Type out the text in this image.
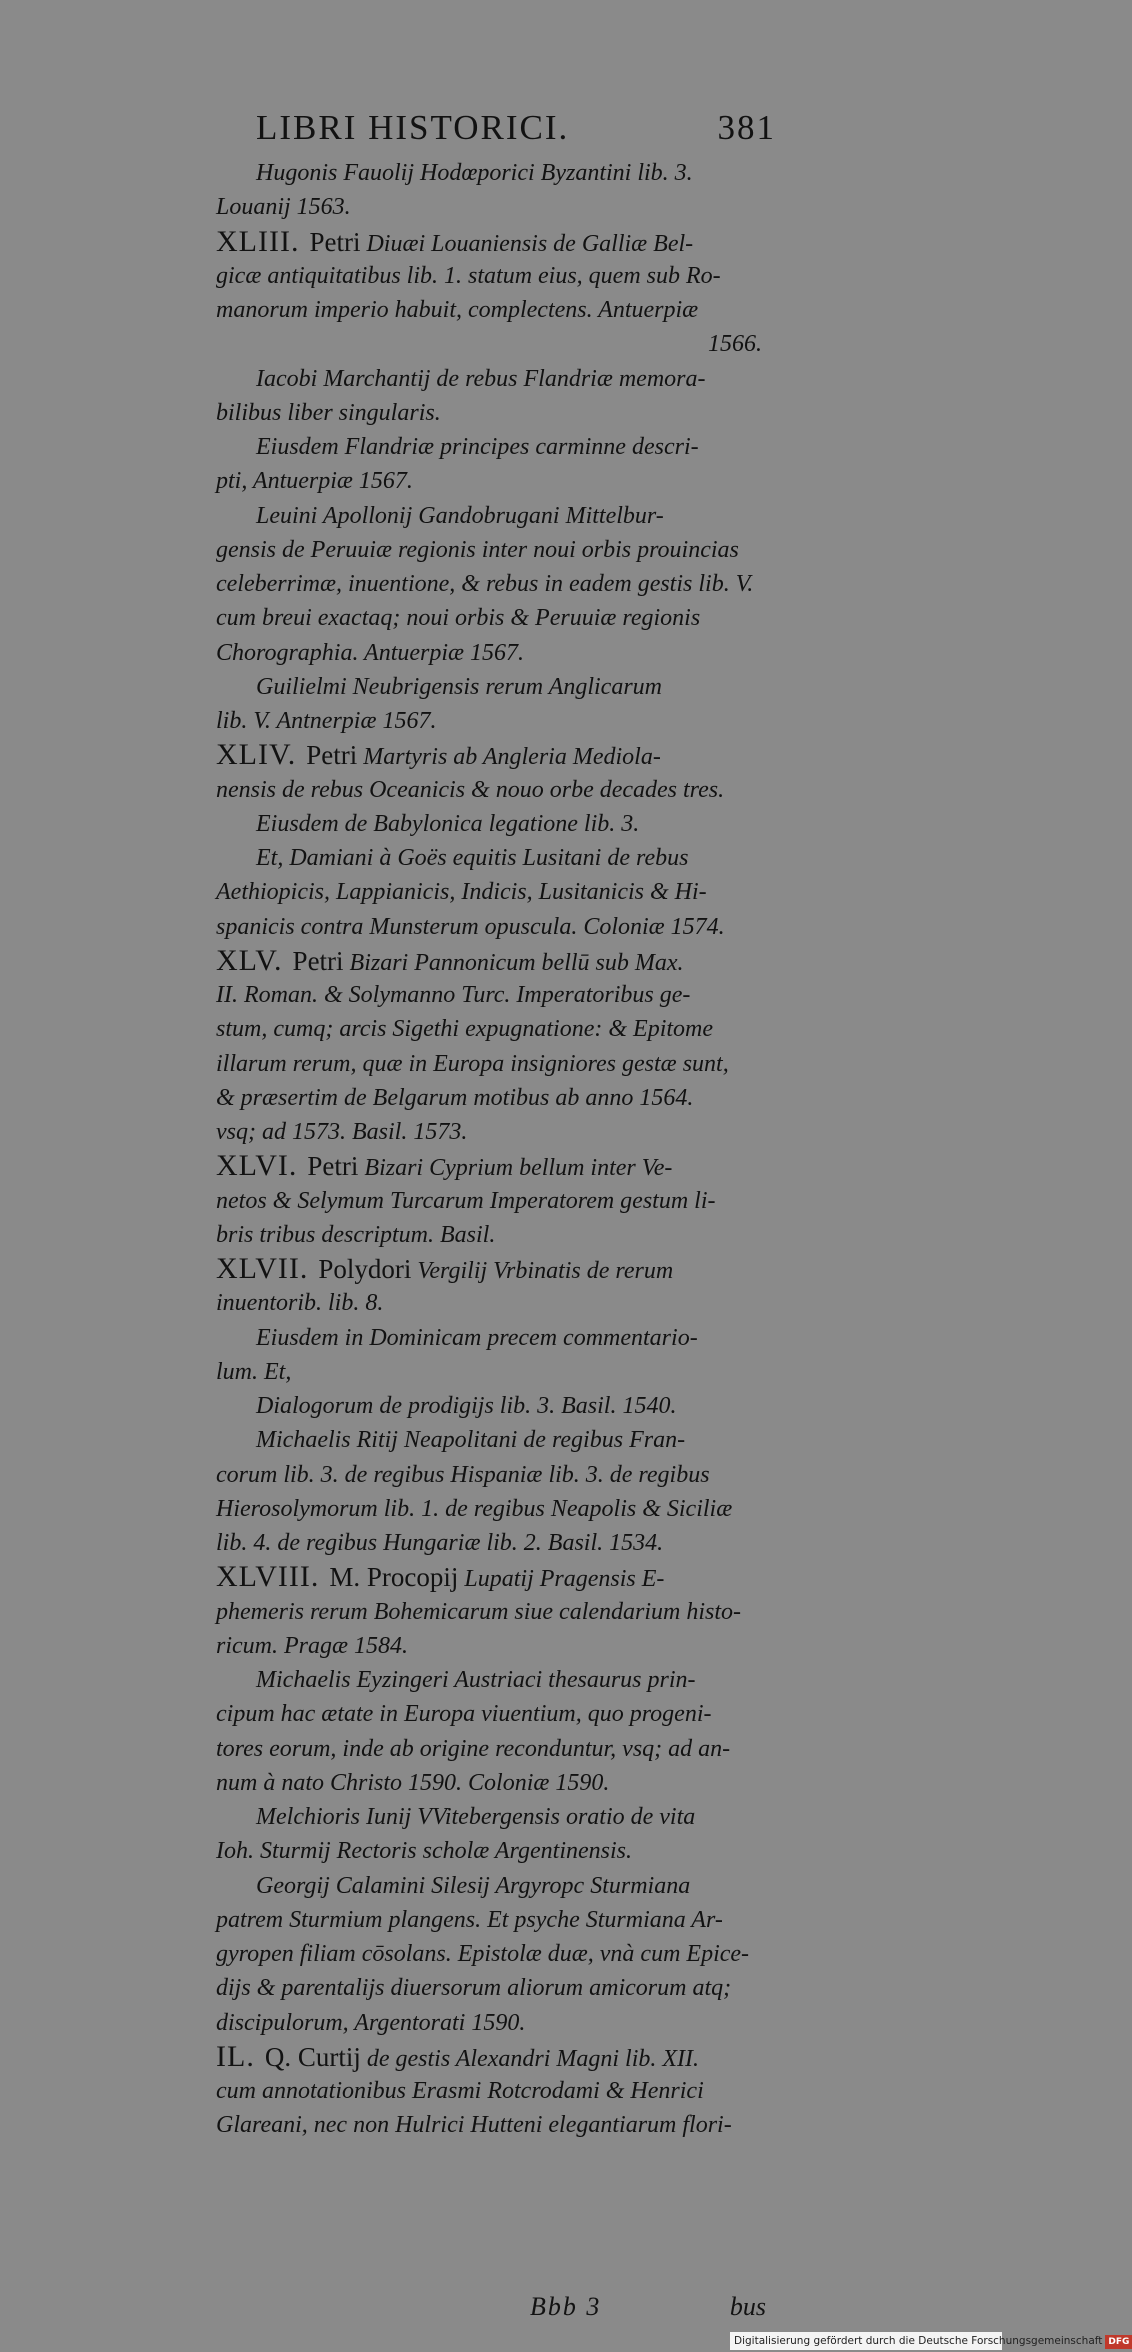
LIBRI HISTORICI.	381
Hugonis Fauolij Hodœporici Byzantini lib. 3.
Louanij 1563.
XLIII. Petri Diuæi Louaniensis de Galliæ Bel-
gicæ antiquitatibus lib. 1. statum eius, quem sub Ro-
manorum imperio habuit, complectens. Antuerpiæ
1566.
Iacobi Marchantij de rebus Flandriæ memora-
bilibus liber singularis.
Eiusdem Flandriæ principes carminne descri-
pti, Antuerpiæ 1567.
Leuini Apollonij Gandobrugani Mittelbur-
gensis de Peruuiæ regionis inter noui orbis prouincias
celeberrimæ, inuentione, & rebus in eadem gestis lib. V.
cum breui exactaq; noui orbis & Peruuiæ regionis
Chorographia. Antuerpiæ 1567.
Guilielmi Neubrigensis rerum Anglicarum
lib. V. Antnerpiæ 1567.
XLIV. Petri Martyris ab Angleria Mediola-
nensis de rebus Oceanicis & nouo orbe decades tres.
Eiusdem de Babylonica legatione lib. 3.
Et, Damiani à Goës equitis Lusitani de rebus
Aethiopicis, Lappianicis, Indicis, Lusitanicis & Hi-
spanicis contra Munsterum opuscula. Coloniæ 1574.
XLV. Petri Bizari Pannonicum bellū sub Max.
II. Roman. & Solymanno Turc. Imperatoribus ge-
stum, cumq; arcis Sigethi expugnatione: & Epitome
illarum rerum, quæ in Europa insigniores gestæ sunt,
& præsertim de Belgarum motibus ab anno 1564.
vsq; ad 1573. Basil. 1573.
XLVI. Petri Bizari Cyprium bellum inter Ve-
netos & Selymum Turcarum Imperatorem gestum li-
bris tribus descriptum. Basil.
XLVII. Polydori Vergilij Vrbinatis de rerum
inuentorib. lib. 8.
Eiusdem in Dominicam precem commentario-
lum. Et,
Dialogorum de prodigijs lib. 3. Basil. 1540.
Michaelis Ritij Neapolitani de regibus Fran-
corum lib. 3. de regibus Hispaniæ lib. 3. de regibus
Hierosolymorum lib. 1. de regibus Neapolis & Siciliæ
lib. 4. de regibus Hungariæ lib. 2. Basil. 1534.
XLVIII. M. Procopij Lupatij Pragensis E-
phemeris rerum Bohemicarum siue calendarium histo-
ricum. Pragæ 1584.
Michaelis Eyzingeri Austriaci thesaurus prin-
cipum hac ætate in Europa viuentium, quo progeni-
tores eorum, inde ab origine reconduntur, vsq; ad an-
num à nato Christo 1590. Coloniæ 1590.
Melchioris Iunij VVitebergensis oratio de vita
Ioh. Sturmij Rectoris scholæ Argentinensis.
Georgij Calamini Silesij Argyropc Sturmiana
patrem Sturmium plangens. Et psyche Sturmiana Ar-
gyropen filiam cōsolans. Epistolæ duæ, vnà cum Epice-
dijs & parentalijs diuersorum aliorum amicorum atq;
discipulorum, Argentorati 1590.
IL. Q. Curtij de gestis Alexandri Magni lib. XII.
cum annotationibus Erasmi Rotcrodami & Henrici
Glareani, nec non Hulrici Hutteni elegantiarum flori-
Bbb 3	bus
Digitalisierung gefördert durch die Deutsche Forschungsgemeinschaft DFG
